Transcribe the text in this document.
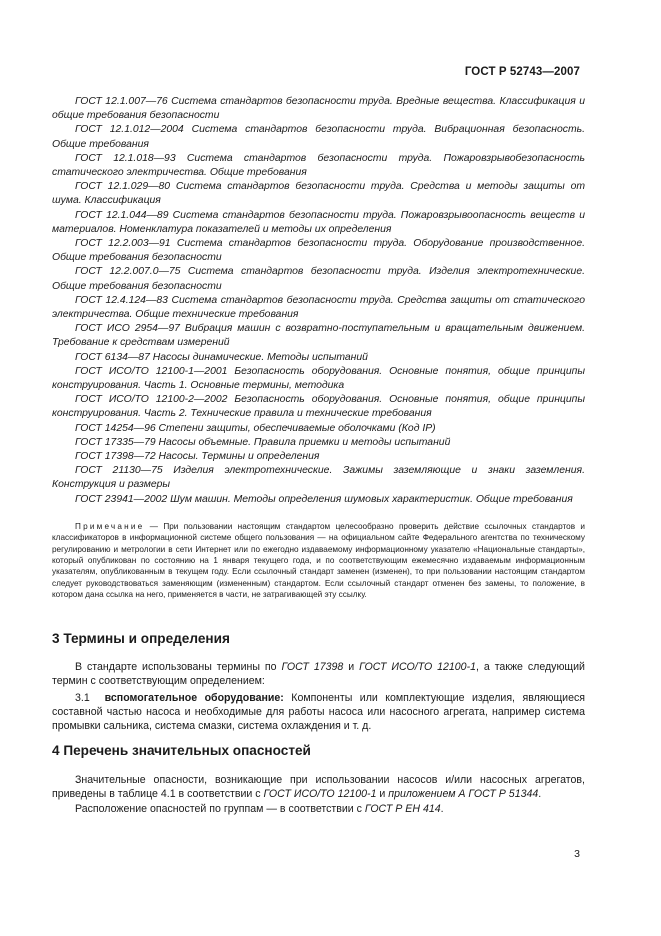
ГОСТ Р 52743—2007
ГОСТ 12.1.007—76 Система стандартов безопасности труда. Вредные вещества. Классификация и общие требования безопасности
ГОСТ 12.1.012—2004 Система стандартов безопасности труда. Вибрационная безопасность. Общие требования
ГОСТ 12.1.018—93 Система стандартов безопасности труда. Пожаровзрывобезопасность статического электричества. Общие требования
ГОСТ 12.1.029—80 Система стандартов безопасности труда. Средства и методы защиты от шума. Классификация
ГОСТ 12.1.044—89 Система стандартов безопасности труда. Пожаровзрывоопасность веществ и материалов. Номенклатура показателей и методы их определения
ГОСТ 12.2.003—91 Система стандартов безопасности труда. Оборудование производственное. Общие требования безопасности
ГОСТ 12.2.007.0—75 Система стандартов безопасности труда. Изделия электротехнические. Общие требования безопасности
ГОСТ 12.4.124—83 Система стандартов безопасности труда. Средства защиты от статического электричества. Общие технические требования
ГОСТ ИСО 2954—97 Вибрация машин с возвратно-поступательным и вращательным движением. Требование к средствам измерений
ГОСТ 6134—87 Насосы динамические. Методы испытаний
ГОСТ ИСО/ТО 12100-1—2001 Безопасность оборудования. Основные понятия, общие принципы конструирования. Часть 1. Основные термины, методика
ГОСТ ИСО/ТО 12100-2—2002 Безопасность оборудования. Основные понятия, общие принципы конструирования. Часть 2. Технические правила и технические требования
ГОСТ 14254—96 Степени защиты, обеспечиваемые оболочками (Код IP)
ГОСТ 17335—79 Насосы объемные. Правила приемки и методы испытаний
ГОСТ 17398—72 Насосы. Термины и определения
ГОСТ 21130—75 Изделия электротехнические. Зажимы заземляющие и знаки заземления. Конструкция и размеры
ГОСТ 23941—2002 Шум машин. Методы определения шумовых характеристик. Общие требования
Примечание — При пользовании настоящим стандартом целесообразно проверить действие ссылочных стандартов и классификаторов в информационной системе общего пользования — на официальном сайте Федерального агентства по техническому регулированию и метрологии в сети Интернет или по ежегодно издаваемому информационному указателю «Национальные стандарты», который опубликован по состоянию на 1 января текущего года, и по соответствующим ежемесячно издаваемым информационным указателям, опубликованным в текущем году. Если ссылочный стандарт заменен (изменен), то при пользовании настоящим стандартом следует руководствоваться заменяющим (измененным) стандартом. Если ссылочный стандарт отменен без замены, то положение, в котором дана ссылка на него, применяется в части, не затрагивающей эту ссылку.
3 Термины и определения
В стандарте использованы термины по ГОСТ 17398 и ГОСТ ИСО/ТО 12100-1, а также следующий термин с соответствующим определением:
3.1 вспомогательное оборудование: Компоненты или комплектующие изделия, являющиеся составной частью насоса и необходимые для работы насоса или насосного агрегата, например система промывки сальника, система смазки, система охлаждения и т. д.
4 Перечень значительных опасностей
Значительные опасности, возникающие при использовании насосов и/или насосных агрегатов, приведены в таблице 4.1 в соответствии с ГОСТ ИСО/ТО 12100-1 и приложением А ГОСТ Р 51344.
Расположение опасностей по группам — в соответствии с ГОСТ Р ЕН 414.
3
